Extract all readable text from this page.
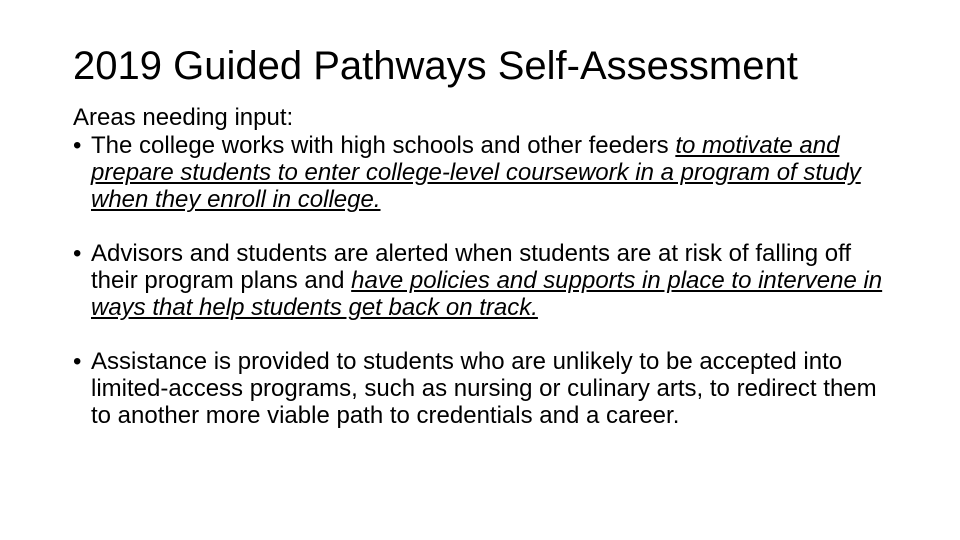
2019 Guided Pathways Self-Assessment

Areas needing input:

• The college works with high schools and other feeders to motivate and prepare students to enter college-level coursework in a program of study when they enroll in college.
• Advisors and students are alerted when students are at risk of falling off their program plans and have policies and supports in place to intervene in ways that help students get back on track.
• Assistance is provided to students who are unlikely to be accepted into limited-access programs, such as nursing or culinary arts, to redirect them to another more viable path to credentials and a career.
